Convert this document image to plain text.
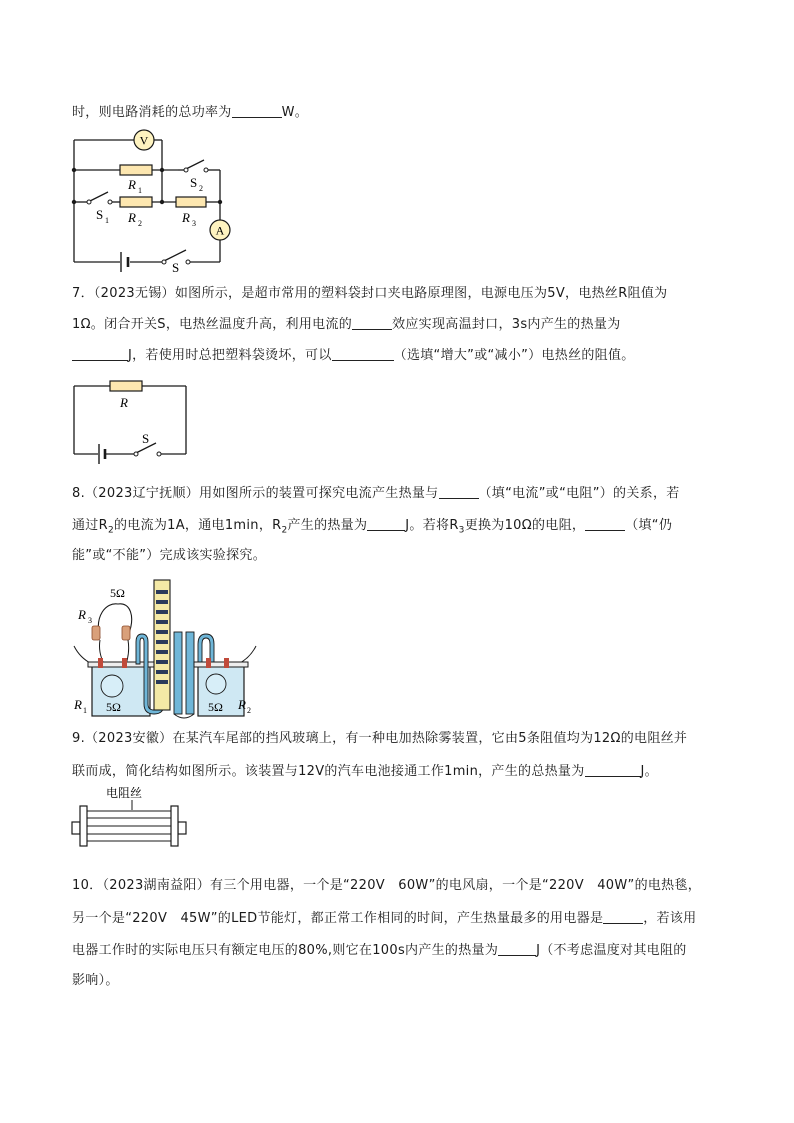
时，则电路消耗的总功率为	W。
V
A
R 1
R 2	R 3
S 2
S 1
S
7．（2023无锡）如图所示，是超市常用的塑料袋封口夹电路原理图，电源电压为5V，电热丝R阻值为
1Ω。闭合开关S，电热丝温度升高，利用电流的	效应实现高温封口，3s内产生的热量为
J，若使用时总把塑料袋烫坏，可以	（选填“增大”或“减小”）电热丝的阻值。
R
S
8.（2023辽宁抚顺）用如图所示的装置可探究电流产生热量与	（填“电流”或“电阻”）的关系，若
通过$R_2$的电流为1A，通电1min，$R_2$产生的热量为	J。若将$R_3$更换为10Ω的电阻，	（填“仍
能”或“不能”）完成该实验探究。
5Ω
R 3
5Ω
R 1	5Ω R 2
9.（2023安徽）在某汽车尾部的挡风玻璃上，有一种电加热除雾装置，它由5条阻值均为12Ω的电阻丝并
联而成，简化结构如图所示。该装置与12V的汽车电池接通工作1min，产生的总热量为	J。
电阻丝
10．（2023湖南益阳）有三个用电器，一个是“220V　60W”的电风扇，一个是“220V　40W”的电热毯，
另一个是“220V　45W”的LED节能灯，都正常工作相同的时间，产生热量最多的用电器是	，若该用
电器工作时的实际电压只有额定电压的80%,则它在100s内产生的热量为	J（不考虑温度对其电阻的
影响）。
